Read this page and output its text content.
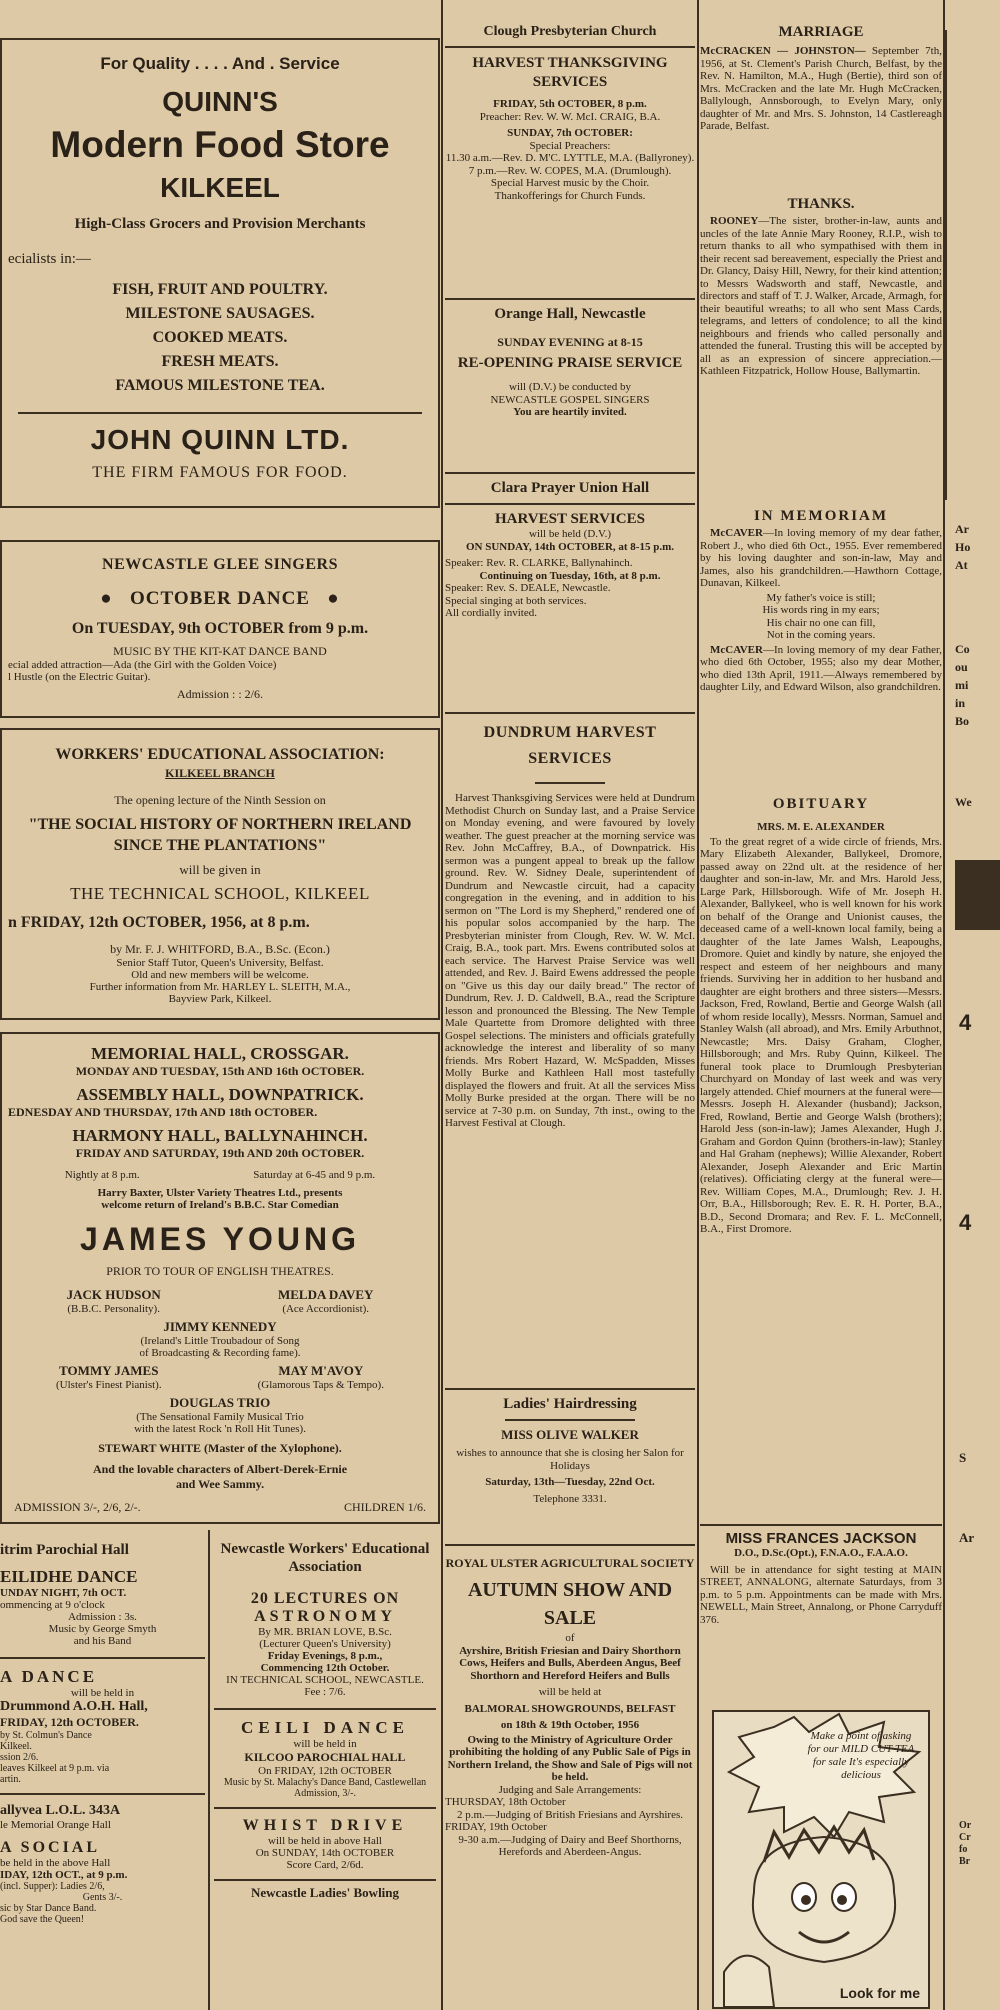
For Quality . . . . And . Service

QUINN'S

Modern Food Store

KILKEEL

High-Class Grocers and Provision Merchants

ecialists in:—

FISH, FRUIT AND POULTRY.

MILESTONE SAUSAGES.

COOKED MEATS.

FRESH MEATS.

FAMOUS MILESTONE TEA.

JOHN QUINN LTD.

THE FIRM FAMOUS FOR FOOD.

NEWCASTLE GLEE SINGERS

●   OCTOBER DANCE   ●

On TUESDAY, 9th OCTOBER from 9 p.m.

MUSIC BY THE KIT-KAT DANCE BAND

ecial added attraction—Ada (the Girl with the Golden Voice)

l Hustle (on the Electric Guitar).

Admission : : 2/6.

WORKERS' EDUCATIONAL ASSOCIATION:

KILKEEL BRANCH

The opening lecture of the Ninth Session on

"THE SOCIAL HISTORY OF NORTHERN IRELAND SINCE THE PLANTATIONS"

will be given in

THE TECHNICAL SCHOOL, KILKEEL

n FRIDAY, 12th OCTOBER, 1956, at 8 p.m.

by Mr. F. J. WHITFORD, B.A., B.Sc. (Econ.)

Senior Staff Tutor, Queen's University, Belfast.

Old and new members will be welcome.

Further information from Mr. HARLEY L. SLEITH, M.A.,

Bayview Park, Kilkeel.

MEMORIAL HALL, CROSSGAR.

MONDAY AND TUESDAY, 15th AND 16th OCTOBER.

ASSEMBLY HALL, DOWNPATRICK.

EDNESDAY AND THURSDAY, 17th AND 18th OCTOBER.

HARMONY HALL, BALLYNAHINCH.

FRIDAY AND SATURDAY, 19th AND 20th OCTOBER.

Nightly at 8 p.m.	Saturday at 6-45 and 9 p.m.

Harry Baxter, Ulster Variety Theatres Ltd., presents

welcome return of Ireland's B.B.C. Star Comedian

JAMES YOUNG

PRIOR TO TOUR OF ENGLISH THEATRES.

JACK HUDSON

(B.B.C. Personality).

MELDA DAVEY

(Ace Accordionist).

JIMMY KENNEDY

(Ireland's Little Troubadour of Song

of Broadcasting & Recording fame).

TOMMY JAMES

(Ulster's Finest Pianist).

MAY M'AVOY

(Glamorous Taps & Tempo).

DOUGLAS TRIO

(The Sensational Family Musical Trio

with the latest Rock 'n Roll Hit Tunes).

STEWART WHITE (Master of the Xylophone).

And the lovable characters of Albert-Derek-Ernie

and Wee Sammy.

ADMISSION 3/-, 2/6, 2/-.	CHILDREN 1/6.

itrim Parochial Hall

EILIDHE DANCE

UNDAY NIGHT, 7th OCT.

ommencing at 9 o'clock

Admission : 3s.

Music by George Smyth

and his Band

A DANCE

will be held in

Drummond A.O.H. Hall,

FRIDAY, 12th OCTOBER.

by St. Colmun's Dance

Kilkeel.

ssion 2/6.

leaves Kilkeel at 9 p.m. via

artin.

allyvea L.O.L. 343A

le Memorial Orange Hall

A SOCIAL

be held in the above Hall

IDAY, 12th OCT., at 9 p.m.

(incl. Supper): Ladies 2/6,

Gents 3/-.

sic by Star Dance Band.

God save the Queen!

Newcastle Workers' Educational Association

20 LECTURES ON

ASTRONOMY

By MR. BRIAN LOVE, B.Sc.

(Lecturer Queen's University)

Friday Evenings, 8 p.m.,

Commencing 12th October.

IN TECHNICAL SCHOOL, NEWCASTLE.

Fee : 7/6.

CEILI DANCE

will be held in

KILCOO PAROCHIAL HALL

On FRIDAY, 12th OCTOBER

Music by St. Malachy's Dance Band, Castlewellan

Admission, 3/-.

WHIST DRIVE

will be held in above Hall

On SUNDAY, 14th OCTOBER

Score Card, 2/6d.

Newcastle Ladies' Bowling

Clough Presbyterian Church

HARVEST THANKSGIVING SERVICES

FRIDAY, 5th OCTOBER, 8 p.m.

Preacher: Rev. W. W. McI. CRAIG, B.A.

SUNDAY, 7th OCTOBER:

Special Preachers:

11.30 a.m.—Rev. D. M'C. LYTTLE, M.A. (Ballyroney).

7 p.m.—Rev. W. COPES, M.A. (Drumlough).

Special Harvest music by the Choir.

Thankofferings for Church Funds.

Orange Hall, Newcastle

SUNDAY EVENING at 8-15

RE-OPENING PRAISE SERVICE

will (D.V.) be conducted by

NEWCASTLE GOSPEL SINGERS

You are heartily invited.

Clara Prayer Union Hall

HARVEST SERVICES

will be held (D.V.)

ON SUNDAY, 14th OCTOBER, at 8-15 p.m.

Speaker: Rev. R. CLARKE, Ballynahinch.

Continuing on Tuesday, 16th, at 8 p.m.

Speaker: Rev. S. DEALE, Newcastle.

Special singing at both services.

All cordially invited.

DUNDRUM HARVEST SERVICES

Harvest Thanksgiving Services were held at Dundrum Methodist Church on Sunday last, and a Praise Service on Monday evening, and were favoured by lovely weather. The guest preacher at the morning service was Rev. John McCaffrey, B.A., of Downpatrick. His sermon was a pungent appeal to break up the fallow ground. Rev. W. Sidney Deale, superintendent of Dundrum and Newcastle circuit, had a capacity congregation in the evening, and in addition to his sermon on "The Lord is my Shepherd," rendered one of his popular solos accompanied by the harp. The Presbyterian minister from Clough, Rev. W. W. McI. Craig, B.A., took part. Mrs. Ewens contributed solos at each service. The Harvest Praise Service was well attended, and Rev. J. Baird Ewens addressed the people on "Give us this day our daily bread." The rector of Dundrum, Rev. J. D. Caldwell, B.A., read the Scripture lesson and pronounced the Blessing. The New Temple Male Quartette from Dromore delighted with three Gospel selections. The ministers and officials gratefully acknowledge the interest and liberality of so many friends. Mrs Robert Hazard, W. McSpadden, Misses Molly Burke and Kathleen Hall most tastefully displayed the flowers and fruit. At all the services Miss Molly Burke presided at the organ. There will be no service at 7-30 p.m. on Sunday, 7th inst., owing to the Harvest Festival at Clough.

Ladies' Hairdressing

MISS OLIVE WALKER

wishes to announce that she is closing her Salon for Holidays

Saturday, 13th—Tuesday, 22nd Oct.

Telephone 3331.

ROYAL ULSTER AGRICULTURAL SOCIETY

AUTUMN SHOW AND SALE

of

Ayrshire, British Friesian and Dairy Shorthorn Cows, Heifers and Bulls, Aberdeen Angus, Beef Shorthorn and Hereford Heifers and Bulls

will be held at

BALMORAL SHOWGROUNDS, BELFAST

on 18th & 19th October, 1956

Owing to the Ministry of Agriculture Order prohibiting the holding of any Public Sale of Pigs in Northern Ireland, the Show and Sale of Pigs will not be held.

Judging and Sale Arrangements:

THURSDAY, 18th October

2 p.m.—Judging of British Friesians and Ayrshires.

FRIDAY, 19th October

9-30 a.m.—Judging of Dairy and Beef Shorthorns, Herefords and Aberdeen-Angus.

MARRIAGE

McCRACKEN — JOHNSTON— September 7th, 1956, at St. Clement's Parish Church, Belfast, by the Rev. N. Hamilton, M.A., Hugh (Bertie), third son of Mrs. McCracken and the late Mr. Hugh McCracken, Ballylough, Annsborough, to Evelyn Mary, only daughter of Mr. and Mrs. S. Johnston, 14 Castlereagh Parade, Belfast.

THANKS.

ROONEY—The sister, brother-in-law, aunts and uncles of the late Annie Mary Rooney, R.I.P., wish to return thanks to all who sympathised with them in their recent sad bereavement, especially the Priest and Dr. Glancy, Daisy Hill, Newry, for their kind attention; to Messrs Wadsworth and staff, Newcastle, and directors and staff of T. J. Walker, Arcade, Armagh, for their beautiful wreaths; to all who sent Mass Cards, telegrams, and letters of condolence; to all the kind neighbours and friends who called personally and attended the funeral. Trusting this will be accepted by all as an expression of sincere appreciation.—Kathleen Fitzpatrick, Hollow House, Ballymartin.

IN MEMORIAM

McCAVER—In loving memory of my dear father, Robert J., who died 6th Oct., 1955. Ever remembered by his loving daughter and son-in-law, May and James, also his grandchildren.—Hawthorn Cottage, Dunavan, Kilkeel.

My father's voice is still;

His words ring in my ears;

His chair no one can fill,

Not in the coming years.

McCAVER—In loving memory of my dear Father, who died 6th October, 1955; also my dear Mother, who died 13th April, 1911.—Always remembered by daughter Lily, and Edward Wilson, also grandchildren.

OBITUARY

MRS. M. E. ALEXANDER

To the great regret of a wide circle of friends, Mrs. Mary Elizabeth Alexander, Ballykeel, Dromore, passed away on 22nd ult. at the residence of her daughter and son-in-law, Mr. and Mrs. Harold Jess, Large Park, Hillsborough. Wife of Mr. Joseph H. Alexander, Ballykeel, who is well known for his work on behalf of the Orange and Unionist causes, the deceased came of a well-known local family, being a daughter of the late James Walsh, Leapoughs, Dromore. Quiet and kindly by nature, she enjoyed the respect and esteem of her neighbours and many friends. Surviving her in addition to her husband and daughter are eight brothers and three sisters—Messrs. Jackson, Fred, Rowland, Bertie and George Walsh (all of whom reside locally), Messrs. Norman, Samuel and Stanley Walsh (all abroad), and Mrs. Emily Arbuthnot, Newcastle; Mrs. Daisy Graham, Clogher, Hillsborough; and Mrs. Ruby Quinn, Kilkeel. The funeral took place to Drumlough Presbyterian Churchyard on Monday of last week and was very largely attended. Chief mourners at the funeral were—Messrs. Joseph H. Alexander (husband); Jackson, Fred, Rowland, Bertie and George Walsh (brothers); Harold Jess (son-in-law); James Alexander, Hugh J. Graham and Gordon Quinn (brothers-in-law); Stanley and Hal Graham (nephews); Willie Alexander, Robert Alexander, Joseph Alexander and Eric Martin (relatives). Officiating clergy at the funeral were—Rev. William Copes, M.A., Drumlough; Rev. J. H. Orr, B.A., Hillsborough; Rev. E. R. H. Porter, B.A., B.D., Second Dromara; and Rev. F. L. McConnell, B.A., First Dromore.

MISS FRANCES JACKSON

D.O., D.Sc.(Opt.), F.N.A.O., F.A.A.O.

Will be in attendance for sight testing at MAIN STREET, ANNALONG, alternate Saturdays, from 3 p.m. to 5 p.m. Appointments can be made with Mrs. NEWELL, Main Street, Annalong, or Phone Carryduff 376.

Make a point of asking for our MILD CUT TEA for sale It's especially delicious

Look for me

Ar

Ho

At

Co

ou

mi

in

Bo

We

4

4

S

Ar

Or

Cr

fo

Br
